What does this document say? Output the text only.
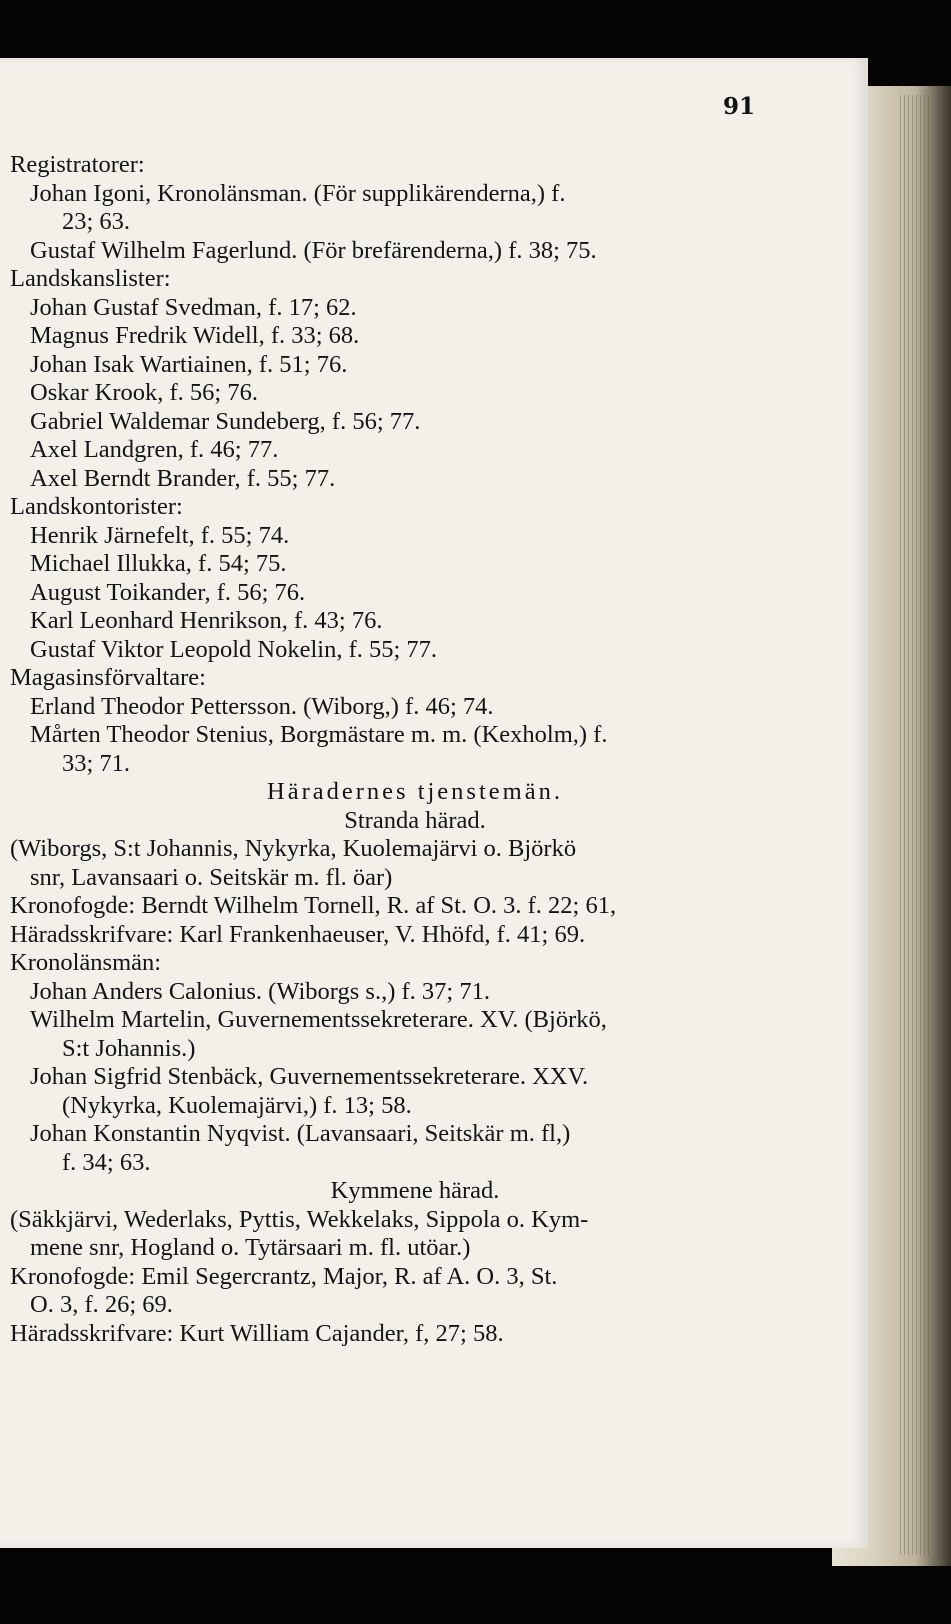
91
Registratorer:
Johan Igoni, Kronolänsman. (För supplikärenderna,) f.
23; 63.
Gustaf Wilhelm Fagerlund. (För brefärenderna,) f. 38; 75.
Landskanslister:
Johan Gustaf Svedman, f. 17; 62.
Magnus Fredrik Widell, f. 33; 68.
Johan Isak Wartiainen, f. 51; 76.
Oskar Krook, f. 56; 76.
Gabriel Waldemar Sundeberg, f. 56; 77.
Axel Landgren, f. 46; 77.
Axel Berndt Brander, f. 55; 77.
Landskontorister:
Henrik Järnefelt, f. 55; 74.
Michael Illukka, f. 54; 75.
August Toikander, f. 56; 76.
Karl Leonhard Henrikson, f. 43; 76.
Gustaf Viktor Leopold Nokelin, f. 55; 77.
Magasinsförvaltare:
Erland Theodor Pettersson. (Wiborg,) f. 46; 74.
Mårten Theodor Stenius, Borgmästare m. m. (Kexholm,) f.
33; 71.
Häradernes tjenstemän.
Stranda härad.
(Wiborgs, S:t Johannis, Nykyrka, Kuolemajärvi o. Björkö
snr, Lavansaari o. Seitskär m. fl. öar)
Kronofogde: Berndt Wilhelm Tornell, R. af St. O. 3. f. 22; 61,
Häradsskrifvare: Karl Frankenhaeuser, V. Hhöfd, f. 41; 69.
Kronolänsmän:
Johan Anders Calonius. (Wiborgs s.,) f. 37; 71.
Wilhelm Martelin, Guvernementssekreterare. XV. (Björkö,
S:t Johannis.)
Johan Sigfrid Stenbäck, Guvernementssekreterare. XXV.
(Nykyrka, Kuolemajärvi,) f. 13; 58.
Johan Konstantin Nyqvist. (Lavansaari, Seitskär m. fl,)
f. 34; 63.
Kymmene härad.
(Säkkjärvi, Wederlaks, Pyttis, Wekkelaks, Sippola o. Kym-
mene snr, Hogland o. Tytärsaari m. fl. utöar.)
Kronofogde: Emil Segercrantz, Major, R. af A. O. 3, St.
O. 3, f. 26; 69.
Häradsskrifvare: Kurt William Cajander, f, 27; 58.
